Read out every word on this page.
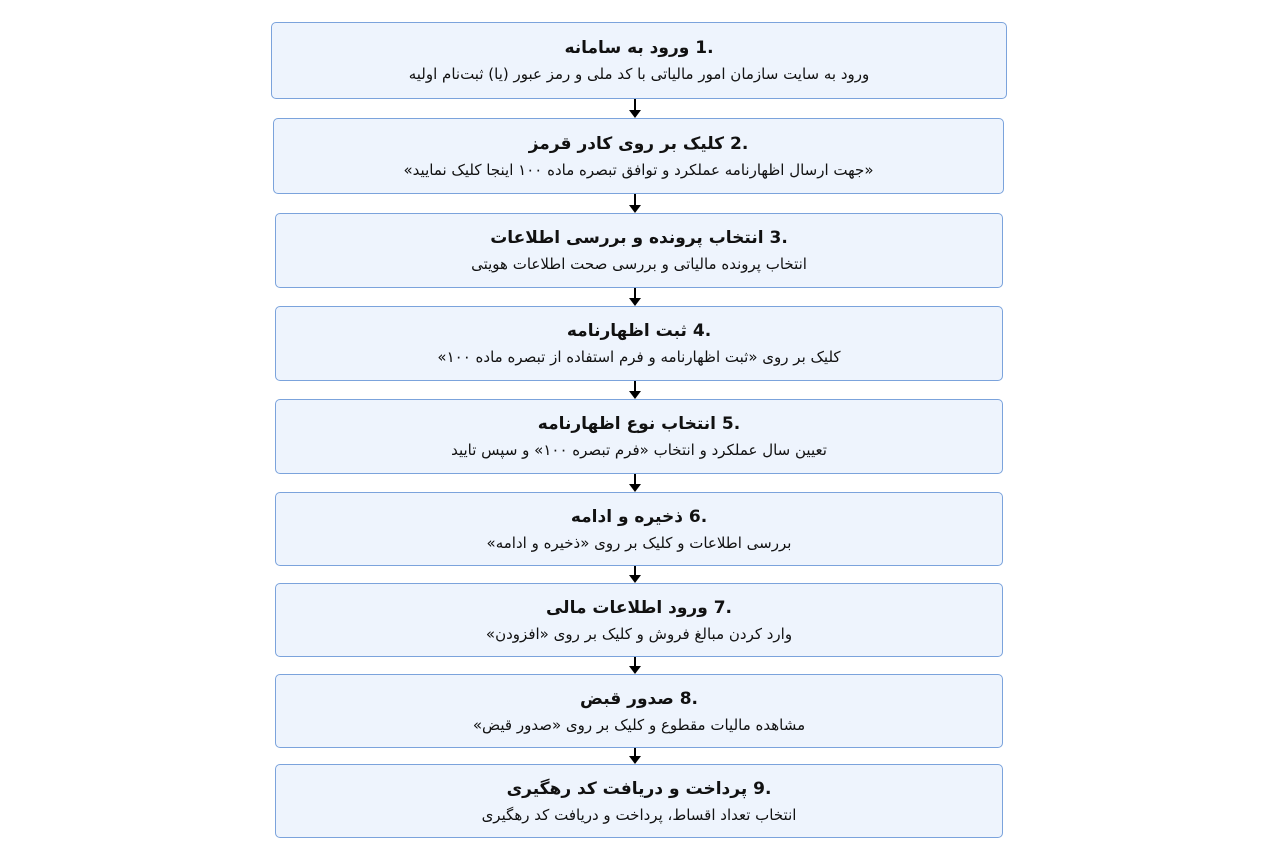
1. ورود به سامانه
ورود به سایت سازمان امور مالیاتی با کد ملی و رمز عبور (یا) ثبت‌نام اولیه
2. کلیک بر روی کادر قرمز
«جهت ارسال اظهارنامه عملکرد و توافق تبصره ماده ۱۰۰ اینجا کلیک نمایید»
3. انتخاب پرونده و بررسی اطلاعات
انتخاب پرونده مالیاتی و بررسی صحت اطلاعات هویتی
4. ثبت اظهارنامه
کلیک بر روی «ثبت اظهارنامه و فرم استفاده از تبصره ماده ۱۰۰»
5. انتخاب نوع اظهارنامه
تعیین سال عملکرد و انتخاب «فرم تبصره ۱۰۰» و سپس تایید
6. ذخیره و ادامه
بررسی اطلاعات و کلیک بر روی «ذخیره و ادامه»
7. ورود اطلاعات مالی
وارد کردن مبالغ فروش و کلیک بر روی «افزودن»
8. صدور قبض
مشاهده مالیات مقطوع و کلیک بر روی «صدور قیض»
9. پرداخت و دریافت کد رهگیری
انتخاب تعداد اقساط، پرداخت و دریافت کد رهگیری
